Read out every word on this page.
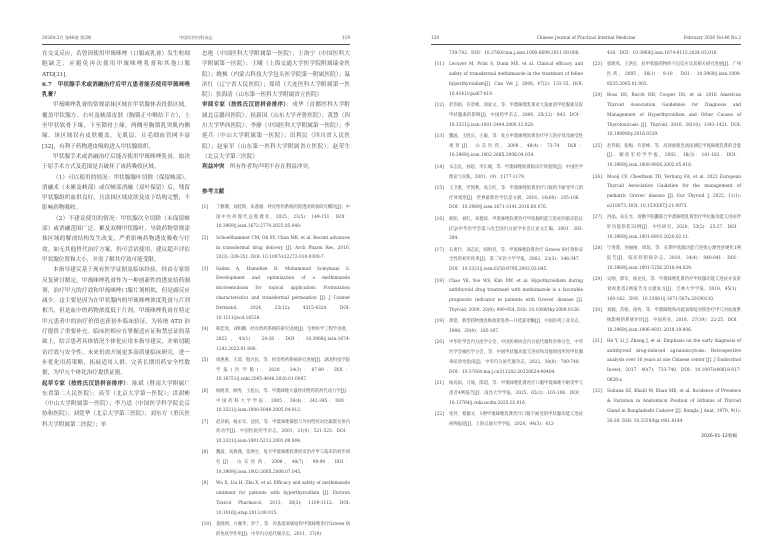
2026年2月 第46卷 第2期	中国实用内科杂志	119

在交叉反应，若曾因使用甲巯咪唑（口服或乳膏）发生粒细胞缺乏，应避免再次使用甲巯咪唑乳膏和其他口服 ATD[31]。

6.7　甲状腺手术或消融治疗后甲亢患者能否使用甲巯咪唑乳膏？

甲巯咪唑乳膏的常规涂抹区域在甲状腺体表投影区域，覆盖甲状腺左、右叶及峡部皮肤（胸锁正中喉结下方），上至甲状软骨下缘，下至锁骨上缘，两侧至胸锁乳突肌内侧缘。该区域仅有皮肤覆盖，无肌层，且毛细血管网丰富[32]，有利于药物透皮吸收进入甲状腺组织。

甲状腺手术或消融治疗后能否使用甲巯咪唑乳膏，取决于原手术方式及范围是否破坏了该药吸收区域。

（1）可以使用的情况：甲状腺腺叶切除（保留峡部）、消融术（未累及峡部）或仅峡部消融（双叶保留）后，残留甲状腺组织血供良好，且涂抹区域皮肤及皮下结构完整，不影响药物吸收。

（2）不建议使用的情况：甲状腺次全切除（未保留峡部）或消融范围广泛、累及双侧甲状腺叶，导致药物常规涂抹区域的解剖结构发生改变，严重影响药物透皮吸收与疗效。如无其他替代治疗方案，仍可尝试使用，建议超声评估甲状腺位置和大小，并需了解其疗效可能受限。

本指导建议基于现有医学证据及临床经验，经由专家组反复研讨制定。甲巯咪唑乳膏作为一种创新性的透皮给药制剂，治疗甲亢的疗效和甲巯咪唑口服片剂相似，但是副反应减少。这主要是因为在甲状腺内的甲巯咪唑浓度乳膏与片剂相当，但是血中的药物浓度低于片剂。甲巯咪唑乳膏在特定甲亢患者中的治疗价值也获初步临床验证，为传统 ATD 治疗提供了重要补充。临床医师应在掌握适应证和禁忌证的基础上，结合患者具体情况个体化应用本指导建议，并密切随访疗效与安全性。未来仍需开展更多高质量临床研究，进一步优化用药策略，拓展适用人群、完善长期用药安全性数据，为甲亢个体化治疗提供证据。

起草专家（按姓氏汉语拼音排序）：陈斌（暨南大学附属广东省第二人民医院）；高莹（北京大学第一医院）；洪澍彬（中山大学附属第一医院）；李乃适（中国医学科学院北京协和医院）；刘爱华（北京大学第三医院）；刘东方（重庆医科大学附属第二医院）；单

忠艳（中国医科大学附属第一医院）；王洛宁（中国医科大学附属第一医院）；王曦（上海交通大学医学院附属瑞金医院）；姚枫（内蒙古科技大学包头医学院第一附属医院）；温滨红（辽宁省人民医院）；郑倩（大连医科大学附属第一医院）；张海清（山东第一医科大学附属省立医院）

审阅专家（按姓氏汉语拼音排序）：成华（首都医科大学附属北京潞河医院）；侯新国（山东大学齐鲁医院）；黄慧（四川大学华西医院）；李静（中国医科大学附属第一医院）；李延兵（中山大学附属第一医院）；田利民（四川省人民医院）；赵家军（山东第一医科大学附属省立医院）；赵荣生（北京大学第三医院）

利益冲突 所有作者均声明不存在利益冲突。

参考文献
[1]	丁雅珊，刘桂新，朱荔刚．经皮给药系统的促透皮吸收研究概况[J]．中国中医药现代远程教育，2025，23(5)：149-151．DOI：10.3969/j.issn.1672-2779.2025.05.048.
[2]	Schoellhammer CM, Oh SY, Chan MK, et al. Recent advances in transdermal drug delivery [J]. Arch Pharm Res, 2010, 33(3): 339-351. DOI: 10.1007/s12272-010-0300-7.
[3]	Salimi A, Hamidieh H, Mohammad Soleymani S. Development and optimization of a methimazole microemulsion for topical application: Formulation characteristics and transdermal permeation [J]. J Cosmet Dermatol, 2024, 23(12): 4315-4324. DOI: 10.1111/jocd.16528.
[4]	韩佳琦，刘和鹏．经皮给药系统的研究进展[J]．生物医学工程学进展，2022，43(1)：24-28．DOI：10.3969/j.issn.1674-1242.2022.01.006.
[5]	周惠惠，王琼，殷兴民，等．经皮给药系统研究进展[J]．湖北科技学院学报(医学版)，2020，34(1)：87-89．DOI：10.16751/j.cnki.2095-4646.2020.01.0087.
[6]	杨晓菲，顾秀，王松岳，等．甲巯咪唑大鼠经皮给药的药代动力学[J]．中国药科大学学报，2005，36(4)：342-345．DOI：10.3321/j.issn:1000-5048.2005.04.012.
[7]	赵萍娟，杨永军，沈钧，等．甲巯咪唑凝胶与外用给药对比凝胶及体内药动学[J]．中国医院药学杂志，2001，21(9)：521-523．DOI：10.3321/j.issn:1001-5213.2001.09.004.
[8]	魏波，高燕燕，张焕生．复方甲巯咪唑软膏经皮治疗甲亢临床的初步研究[J]．山东医药，2008，48(7)：98-99．DOI：10.3969/j.issn.1002-266X.2008.07.045.
[9]	Wu X, Liu H, Zhu X, et al. Efficacy and safety of methimazole ointment for patients with hyperthyroidism [J]. Environ Toxicol Pharmacol, 2013, 36(3): 1109-1112. DOI: 10.1016/j.etap.2013.09.015.
[10]	姜晓明，方佩华，李宁，等．丙基硫氧嘧啶和甲巯咪唑治疗Graves 病的免疫学作用[J]．中华内分泌代谢杂志，2011，27(9)：
120	Chinese Journal of Practical Internal Medicine	February 2026 Vol.46 No.2
739-742．DOI：10.3760/cma.j.issn.1000-6699.2011.09.008.
[11]	Lécuyer M, Prini S, Dunn ME, et al. Clinical efficacy and safety of transdermal methimazole in the treatment of feline hyperthyroidism[J]. Can Vet J, 2006, 47(2): 131-35. DOI: 10.4141/cjas67-019.
[12]	赵伟娟，许景峰，刘家文，等．甲巯咪唑乳膏对大鼠血清甲状腺素及促甲状腺素的影响[J]．中国药学杂志，2000，35(12)：843．DOI：10.3321/j.issn:1001-2494.2000.12.028.
[13]	魏波，王胜庆，王敏，等．复方甲巯咪唑软膏治疗甲亢的疗效及耐受性观察[J]．山东医药，2008，48(4)：73-74．DOI：10.3969/j.issn.1002-266X.2008.04.034.
[14]	宋志民，孙超，李长城，等．甲巯咪唑软膏临床疗效观察[J]．中国医学理论与实践，2001，(9)：1177-1179.
[15]	王卫胜，罗凯利，高玉红，等．甲巯咪唑软膏治疗口服药不耐受甲亢的疗效观察[J]．世界最新医学信息文摘，2016，16(60)：105-106．DOI：10.3969/j.issn.1671-3141.2016.60.076.
[16]	欧阳，刘红，朱德琼．甲巯咪唑软膏治疗甲状腺机能亢进症的临床验证[C]//中华医学会第六次全国内分泌学术会议论文汇编，2001：383-384.
[17]	石勇伶，刘志民，阎明君，等．甲巯咪唑软膏治疗 Graves 病疗效和安全性的初步结果[J]．第二军医大学学报，2002，23(3)：346-347．DOI：10.3321/j.issn:0258-879X.2002.03.045.
[18]	Chao YK, Yoo WS, Kim DW, et al. Hypothyroidism during antithyroid drug treatment with methimazole is a favorable prognostic indicator in patients with Graves' disease [J]. Thyroid, 2009, 20(9): 949-954. DOI: 10.1089/thy.2009.0126.
[19]	黄铠．新型药物透皮吸收促进剂—月桂氮䓬酮[J]．中国医药工业杂志，1988，20(4)：185-187.
[20]	中华医学会内分泌学分会，中国医师协会内分泌代谢科医师分会，中华医学会核医学分会，等．中国甲状腺功能亢进症和其他原因所致甲状腺毒症诊治指南[J]．中华内分泌代谢杂志，2022，38(8)：700-748．DOI：10.3760/cma.j.cn311282-20220624-00404.
[21]	杨高雨，马迪，郎超，等．甲巯咪唑乳膏治疗口服甲巯咪唑不耐受甲亢患者4例报告[J]．南昌大学学报，2025，65(2)：103-106．DOI：10.13764/j.cnki.ncdm.2025.02.016.
[22]	张铃，蔡薇文．1例甲巯咪唑乳膏治疗口服不耐受的甲状腺功能亢进症病例报道[J]．上海交通大学学报，2024，44(3)：412-
416．DOI：10.3969/j.issn.1674-8115.2024.03.016.
[23]	崔晓凤，王洪民．抗甲状腺药物的不良反应及其相关研究进展[J]．广州医药，2005，36(1)：8-10．DOI：10.3969/j.issn.1000-8535.2005.01.005.
[24]	Ross DS, Burch HB, Cooper DS, et al. 2016 American Thyroid Association Guidelines for Diagnosis and Management of Hyperthyroidism and Other Causes of Thyrotoxicosis [J]. Thyroid, 2016, 26(10): 1343-1421. DOI: 10.1089/thy.2016.0229.
[25]	赵伟娟，张梅，许景峰，等．高效液相色谱法测定甲巯咪唑乳膏的含量[J]．解放军药学学报，2002，18(3)：181-182．DOI：10.3969/j.issn.1008-9926.2002.05.018.
[26]	Mooij CF, Cheetham TD, Verburg FA, et al. 2022 European Thyroid Association Guideline for the management of pediatric Graves' disease [J]. Eur Thyroid J, 2022, 11(1): e210073. DOI: 10.1530/ETJ-21-0073.
[27]	洪晶，朱长允．清糖平胶囊联合甲巯咪唑乳膏治疗甲状腺功能亢进症伴肝功能损伤32例[J]．中医研究，2020，33(2)：25-27．DOI：10.3969/j.issn.1001-6910.2020.02.11.
[28]	宁秀蓉，何丽丽，周琼，等．长期甲状腺功能亢进致心源性肝硬化1例报告[J]．临床肝胆病杂志，2018，34(4)：840-841．DOI：10.3969/j.issn.1001-5256.2018.04.029.
[29]	吴刚，郎军，杨克民，等．甲巯咪唑乳膏治疗甲状腺功能亢进症并发肝衰竭患者2例报告及文献复习[J]．吉林大学学报，2019，45(1)：160-162．DOI：10.13481/j.1671-587x.20190130.
[30]	刘颖，苏娟，徐冉，等．甲巯咪唑和丙硫氧嘧啶对照治疗甲亢对血液系统影响的系统评价[J]．中国药业，2018，27(19)：22-25．DOI：10.3969/j.issn.1006-4931.2018.19.006.
[31]	He Y, Li J, Zheng J, et al. Emphasis on the early diagnosis of antithyroid drug-induced agranulocytosis: Retrospective analysis over 16 years at one Chinese center [J]. J Endocrinol Invest, 2017, 40(7): 733-740. DOI: 10.1007/s40618-017-0626-x.
[32]	Sultana SZ, Khalil M, Khan MK, et al. Incidence of Presence & Variation in Anatomical Position of Isthmus of Thyroid Gland in Bangladeshi Cadaver [J]. Bangla J Anat, 1970, 9(1): 26-28. DOI: 10.3329/bja.v9i1.8144
2026-01-12收稿
